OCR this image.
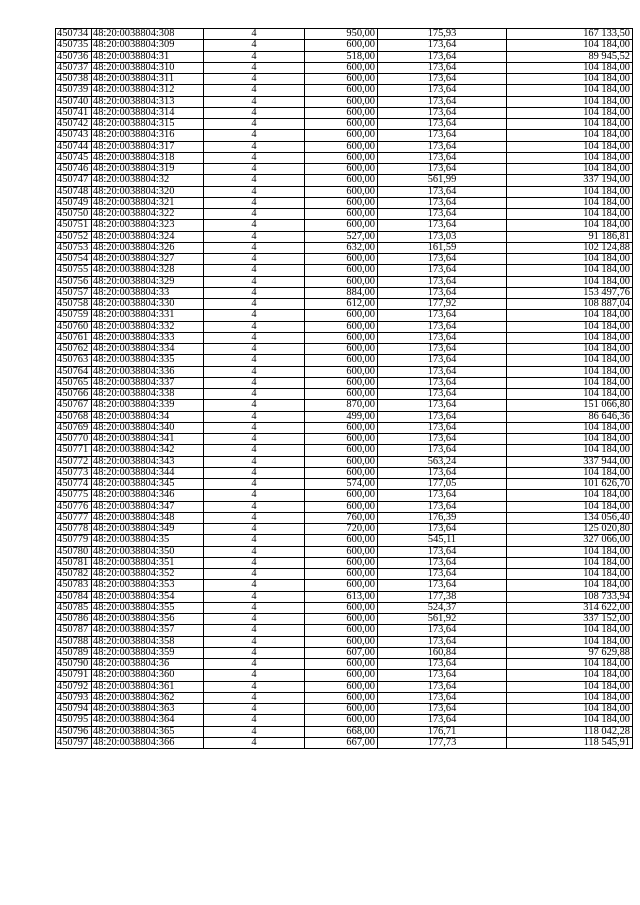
450734	48:20:0038804:308	4	950,00	175,93	167 133,50
450735	48:20:0038804:309	4	600,00	173,64	104 184,00
450736	48:20:0038804:31	4	518,00	173,64	89 945,52
450737	48:20:0038804:310	4	600,00	173,64	104 184,00
450738	48:20:0038804:311	4	600,00	173,64	104 184,00
450739	48:20:0038804:312	4	600,00	173,64	104 184,00
450740	48:20:0038804:313	4	600,00	173,64	104 184,00
450741	48:20:0038804:314	4	600,00	173,64	104 184,00
450742	48:20:0038804:315	4	600,00	173,64	104 184,00
450743	48:20:0038804:316	4	600,00	173,64	104 184,00
450744	48:20:0038804:317	4	600,00	173,64	104 184,00
450745	48:20:0038804:318	4	600,00	173,64	104 184,00
450746	48:20:0038804:319	4	600,00	173,64	104 184,00
450747	48:20:0038804:32	4	600,00	561,99	337 194,00
450748	48:20:0038804:320	4	600,00	173,64	104 184,00
450749	48:20:0038804:321	4	600,00	173,64	104 184,00
450750	48:20:0038804:322	4	600,00	173,64	104 184,00
450751	48:20:0038804:323	4	600,00	173,64	104 184,00
450752	48:20:0038804:324	4	527,00	173,03	91 186,81
450753	48:20:0038804:326	4	632,00	161,59	102 124,88
450754	48:20:0038804:327	4	600,00	173,64	104 184,00
450755	48:20:0038804:328	4	600,00	173,64	104 184,00
450756	48:20:0038804:329	4	600,00	173,64	104 184,00
450757	48:20:0038804:33	4	884,00	173,64	153 497,76
450758	48:20:0038804:330	4	612,00	177,92	108 887,04
450759	48:20:0038804:331	4	600,00	173,64	104 184,00
450760	48:20:0038804:332	4	600,00	173,64	104 184,00
450761	48:20:0038804:333	4	600,00	173,64	104 184,00
450762	48:20:0038804:334	4	600,00	173,64	104 184,00
450763	48:20:0038804:335	4	600,00	173,64	104 184,00
450764	48:20:0038804:336	4	600,00	173,64	104 184,00
450765	48:20:0038804:337	4	600,00	173,64	104 184,00
450766	48:20:0038804:338	4	600,00	173,64	104 184,00
450767	48:20:0038804:339	4	870,00	173,64	151 066,80
450768	48:20:0038804:34	4	499,00	173,64	86 646,36
450769	48:20:0038804:340	4	600,00	173,64	104 184,00
450770	48:20:0038804:341	4	600,00	173,64	104 184,00
450771	48:20:0038804:342	4	600,00	173,64	104 184,00
450772	48:20:0038804:343	4	600,00	563,24	337 944,00
450773	48:20:0038804:344	4	600,00	173,64	104 184,00
450774	48:20:0038804:345	4	574,00	177,05	101 626,70
450775	48:20:0038804:346	4	600,00	173,64	104 184,00
450776	48:20:0038804:347	4	600,00	173,64	104 184,00
450777	48:20:0038804:348	4	760,00	176,39	134 056,40
450778	48:20:0038804:349	4	720,00	173,64	125 020,80
450779	48:20:0038804:35	4	600,00	545,11	327 066,00
450780	48:20:0038804:350	4	600,00	173,64	104 184,00
450781	48:20:0038804:351	4	600,00	173,64	104 184,00
450782	48:20:0038804:352	4	600,00	173,64	104 184,00
450783	48:20:0038804:353	4	600,00	173,64	104 184,00
450784	48:20:0038804:354	4	613,00	177,38	108 733,94
450785	48:20:0038804:355	4	600,00	524,37	314 622,00
450786	48:20:0038804:356	4	600,00	561,92	337 152,00
450787	48:20:0038804:357	4	600,00	173,64	104 184,00
450788	48:20:0038804:358	4	600,00	173,64	104 184,00
450789	48:20:0038804:359	4	607,00	160,84	97 629,88
450790	48:20:0038804:36	4	600,00	173,64	104 184,00
450791	48:20:0038804:360	4	600,00	173,64	104 184,00
450792	48:20:0038804:361	4	600,00	173,64	104 184,00
450793	48:20:0038804:362	4	600,00	173,64	104 184,00
450794	48:20:0038804:363	4	600,00	173,64	104 184,00
450795	48:20:0038804:364	4	600,00	173,64	104 184,00
450796	48:20:0038804:365	4	668,00	176,71	118 042,28
450797	48:20:0038804:366	4	667,00	177,73	118 545,91
